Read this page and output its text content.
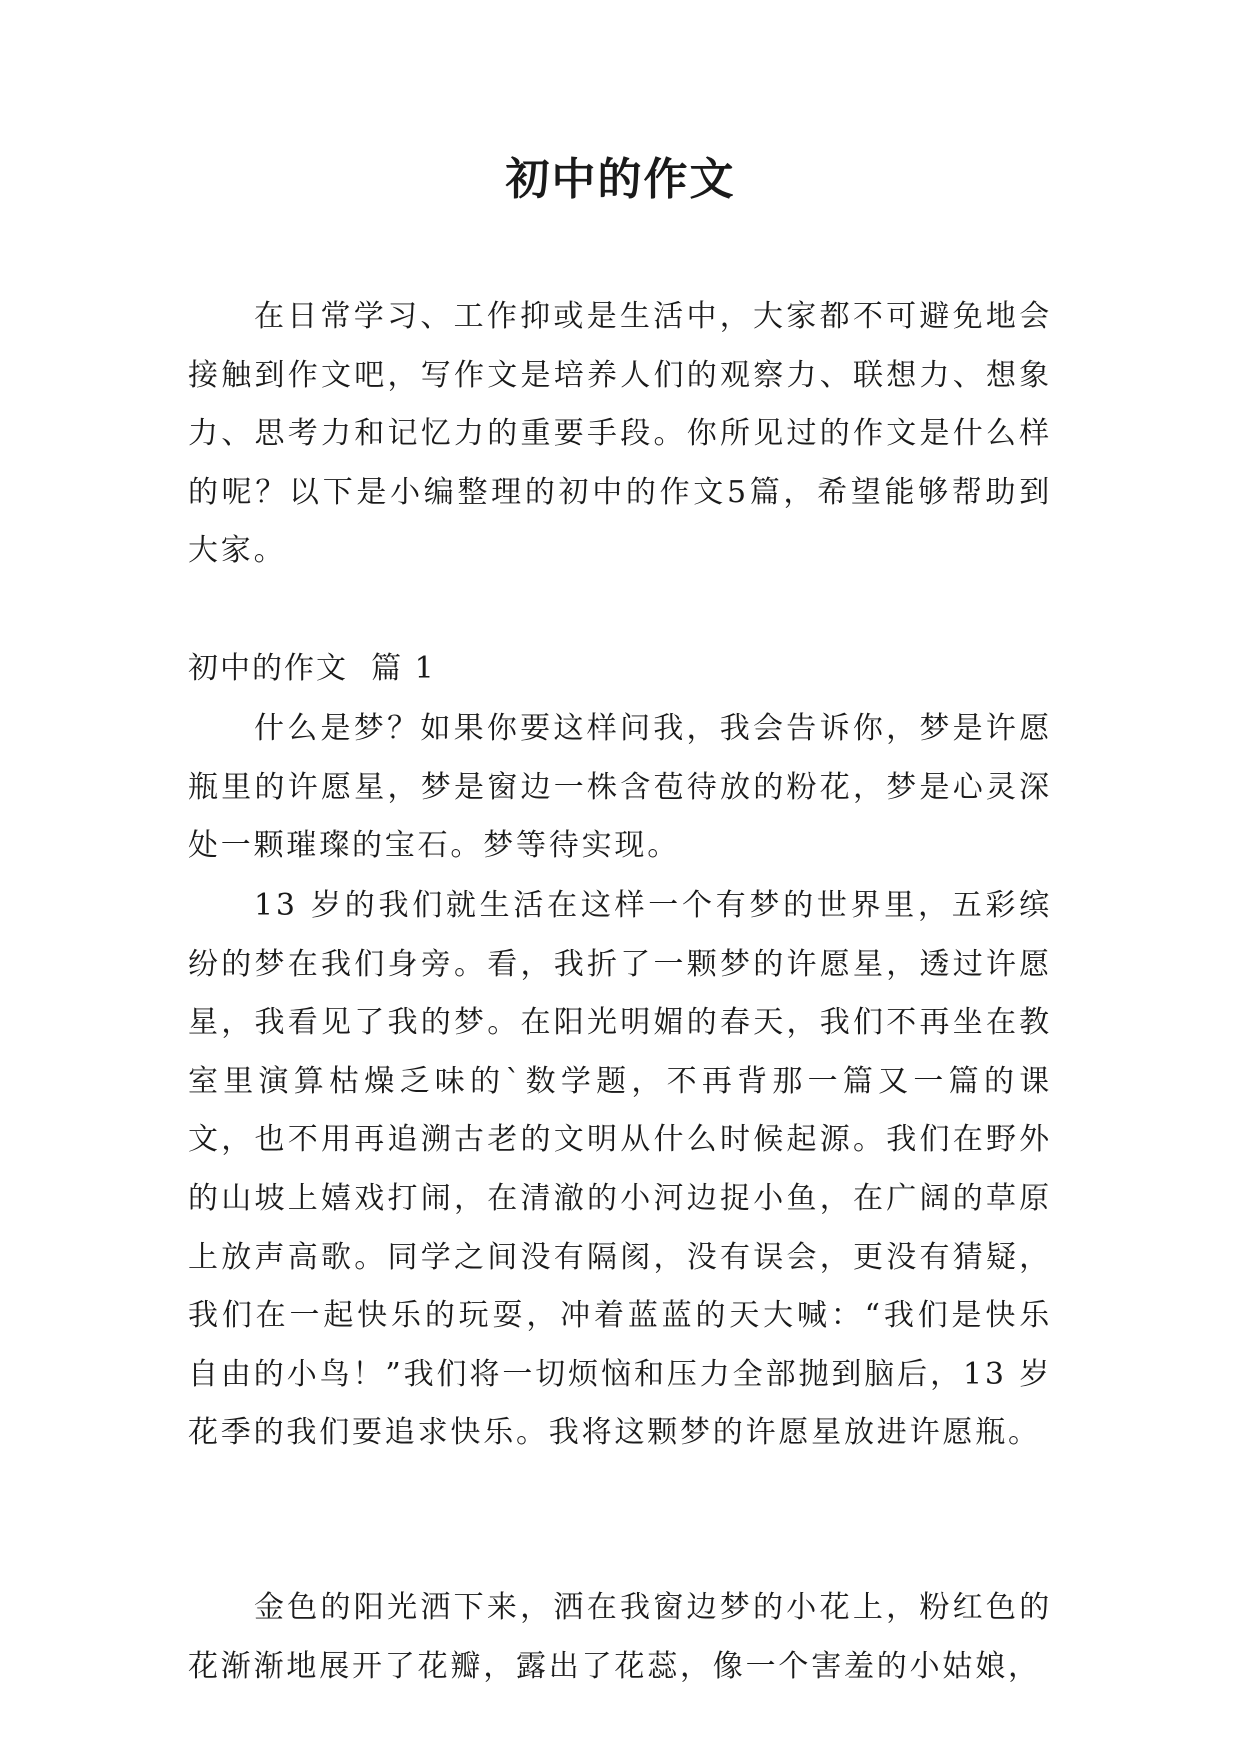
初中的作文

在日常学习、工作抑或是生活中，大家都不可避免地会接触到作文吧，写作文是培养人们的观察力、联想力、想象力、思考力和记忆力的重要手段。你所见过的作文是什么样的呢？以下是小编整理的初中的作文5篇，希望能够帮助到大家。

初中的作文  篇 1

什么是梦？如果你要这样问我，我会告诉你，梦是许愿瓶里的许愿星，梦是窗边一株含苞待放的粉花，梦是心灵深处一颗璀璨的宝石。梦等待实现。

13 岁的我们就生活在这样一个有梦的世界里，五彩缤纷的梦在我们身旁。看，我折了一颗梦的许愿星，透过许愿星，我看见了我的梦。在阳光明媚的春天，我们不再坐在教室里演算枯燥乏味的`数学题，不再背那一篇又一篇的课文，也不用再追溯古老的文明从什么时候起源。我们在野外的山坡上嬉戏打闹，在清澈的小河边捉小鱼，在广阔的草原上放声高歌。同学之间没有隔阂，没有误会，更没有猜疑，我们在一起快乐的玩耍，冲着蓝蓝的天大喊：“我们是快乐自由的小鸟！”我们将一切烦恼和压力全部抛到脑后，13 岁花季的我们要追求快乐。我将这颗梦的许愿星放进许愿瓶。

金色的阳光洒下来，洒在我窗边梦的小花上，粉红色的花渐渐地展开了花瓣，露出了花蕊，像一个害羞的小姑娘，
